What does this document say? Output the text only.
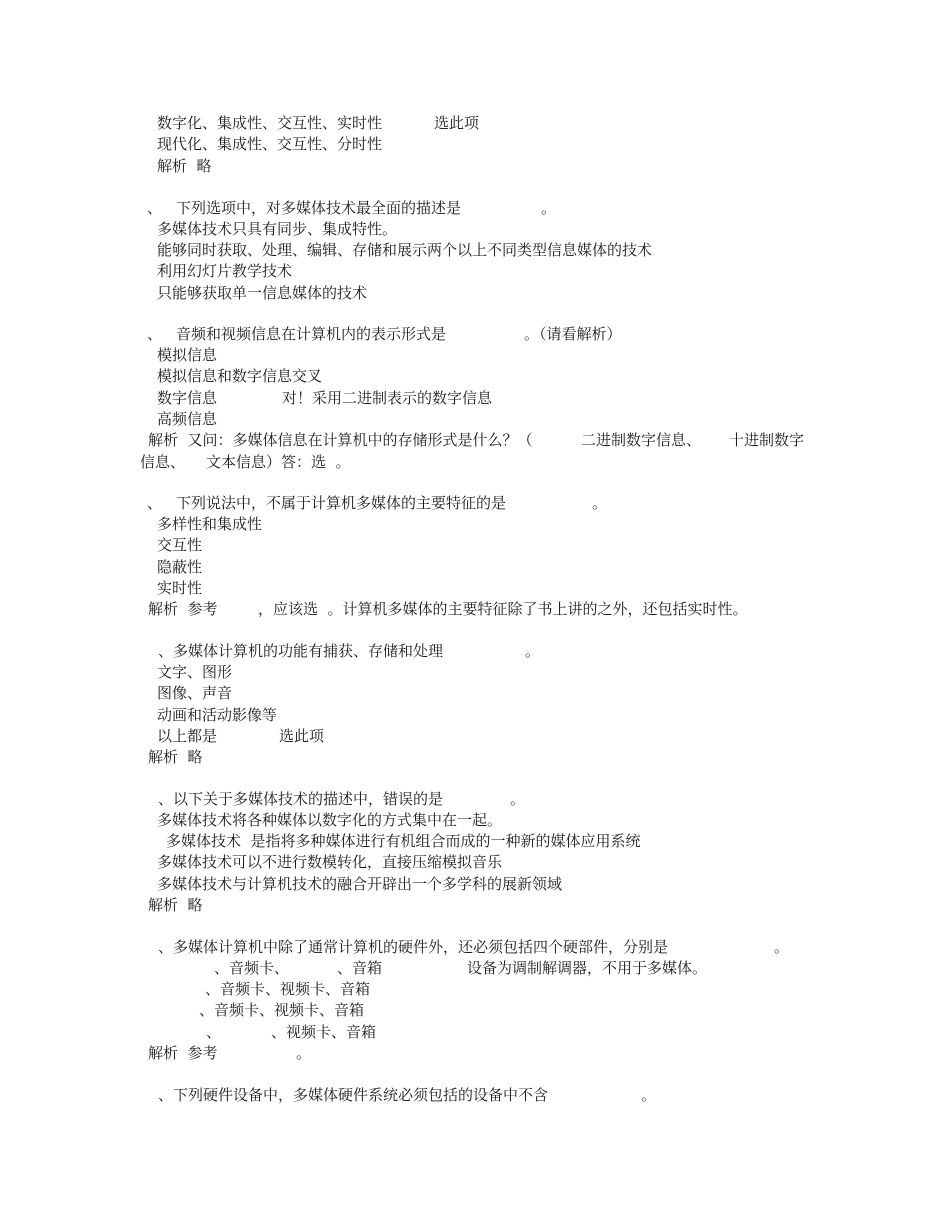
数字化、集成性、交互性、实时性	选此项
现代化、集成性、交互性、分时性
解析  略
、 下列选项中，对多媒体技术最全面的描述是	。
多媒体技术只具有同步、集成特性。
能够同时获取、处理、编辑、存储和展示两个以上不同类型信息媒体的技术
利用幻灯片教学技术
只能够获取单一信息媒体的技术
、 音频和视频信息在计算机内的表示形式是	。（请看解析）
模拟信息
模拟信息和数字信息交叉
数字信息	对！采用二进制表示的数字信息
高频信息
解析  又问：多媒体信息在计算机中的存储形式是什么？（	二进制数字信息、 十进制数字
信息、 文本信息）答：选  。
、 下列说法中，不属于计算机多媒体的主要特征的是	。
多样性和集成性
交互性
隐蔽性
实时性
解析  参考	，应该选  。计算机多媒体的主要特征除了书上讲的之外，还包括实时性。
、多媒体计算机的功能有捕获、存储和处理	。
文字、图形
图像、声音
动画和活动影像等
以上都是	选此项
解析  略
、以下关于多媒体技术的描述中，错误的是	。
多媒体技术将各种媒体以数字化的方式集中在一起。
多媒体技术  是指将多种媒体进行有机组合而成的一种新的媒体应用系统
多媒体技术可以不进行数模转化，直接压缩模拟音乐
多媒体技术与计算机技术的融合开辟出一个多学科的展新领域
解析  略
、多媒体计算机中除了通常计算机的硬件外，还必须包括四个硬部件，分别是	。
、音频卡、	、音箱	设备为调制解调器，不用于多媒体。
、音频卡、视频卡、音箱
、音频卡、视频卡、音箱
、	、视频卡、音箱
解析  参考	。
、下列硬件设备中，多媒体硬件系统必须包括的设备中不含	。
